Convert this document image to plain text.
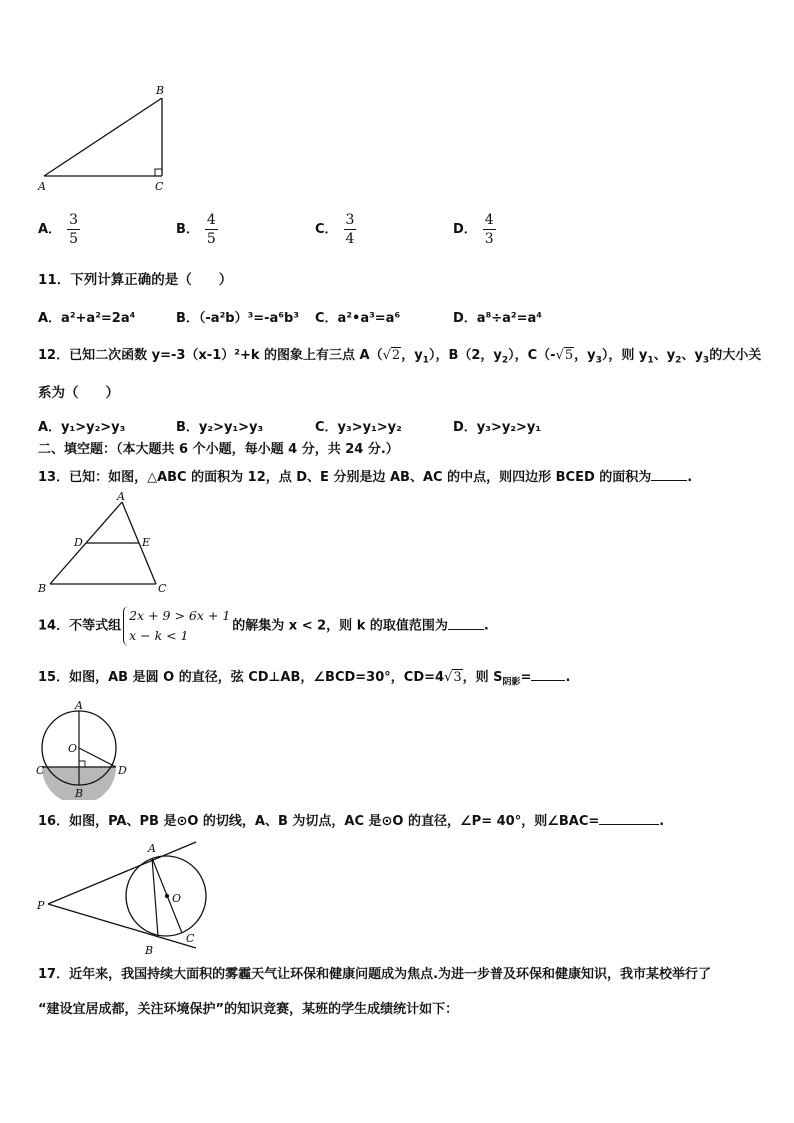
A
B
C
A． $\frac{3}{5}$	B． $\frac{4}{5}$	C． $\frac{3}{4}$	D． $\frac{4}{3}$
11．下列计算正确的是（　　）
A．a²+a²=2a⁴	B．（-a²b）³=-a⁶b³ C．a²•a³=a⁶	D．a⁸÷a²=a⁴
12．已知二次函数 y=-3（x-1）²+k 的图象上有三点 A（√2，$y_1$），B（2，$y_2$），C（-√5，$y_3$），则 $y_1$、$y_2$、$y_3$的大小关
系为（　　）
A．y₁>y₂>y₃	B．y₂>y₁>y₃	C．y₃>y₁>y₂	D．y₃>y₂>y₁
二、填空题：（本大题共 6 个小题，每小题 4 分，共 24 分.）
13．已知：如图，△ABC 的面积为 12，点 D、E 分别是边 AB、AC 的中点，则四边形 BCED 的面积为	.
A
B	C
D	E
14．不等式组2x + 9 > 6x + 1
x − k < 1的解集为 x < 2，则 k 的取值范围为	.
15．如图，AB 是圆 O 的直径，弦 CD⊥AB，∠BCD=30°，CD=4√3，则 $S_{阴影}=$	.
A
O
C	D
B
16．如图，PA、PB 是⊙O 的切线，A、B 为切点，AC 是⊙O 的直径，∠P= 40°，则∠BAC=	.
A
P
O
B
C
17．近年来，我国持续大面积的雾霾天气让环保和健康问题成为焦点.为进一步普及环保和健康知识，我市某校举行了
“建设宜居成都，关注环境保护”的知识竞赛，某班的学生成绩统计如下：
